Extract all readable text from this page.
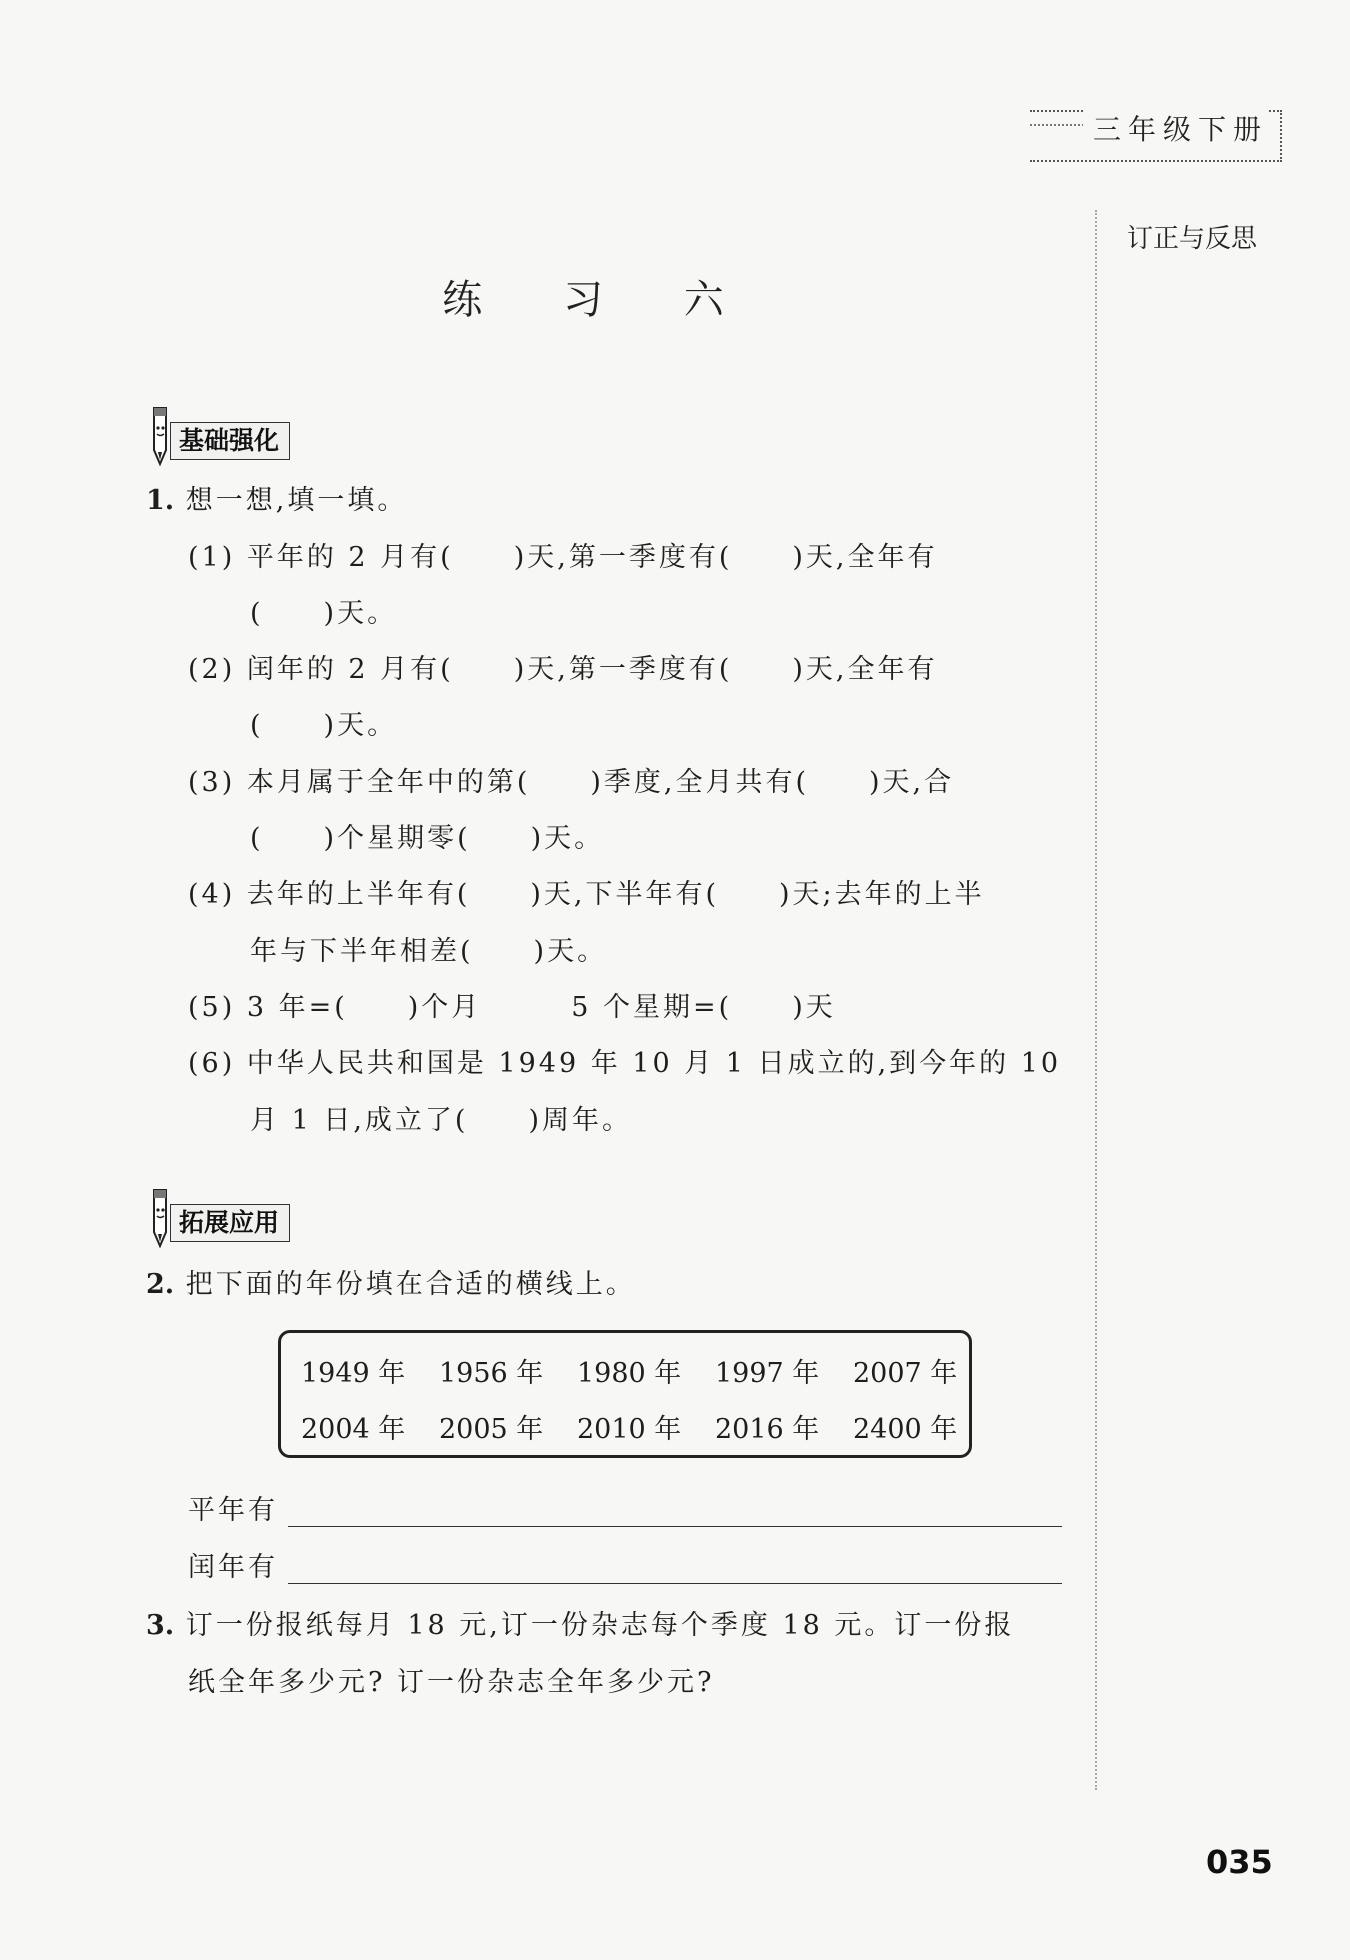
三年级下册
订正与反思
练 习 六
基础强化
1. 想一想,填一填。
(1) 平年的 2 月有(　　)天,第一季度有(　　)天,全年有
(　　)天。
(2) 闰年的 2 月有(　　)天,第一季度有(　　)天,全年有
(　　)天。
(3) 本月属于全年中的第(　　)季度,全月共有(　　)天,合
(　　)个星期零(　　)天。
(4) 去年的上半年有(　　)天,下半年有(　　)天;去年的上半
年与下半年相差(　　)天。
(5) 3 年=(　　)个月　　　5 个星期=(　　)天
(6) 中华人民共和国是 1949 年 10 月 1 日成立的,到今年的 10
月 1 日,成立了(　　)周年。
拓展应用
2. 把下面的年份填在合适的横线上。
1949 年 1956 年 1980 年 1997 年 2007 年
2004 年 2005 年 2010 年 2016 年 2400 年
平年有
闰年有
3. 订一份报纸每月 18 元,订一份杂志每个季度 18 元。订一份报
纸全年多少元? 订一份杂志全年多少元?
035
